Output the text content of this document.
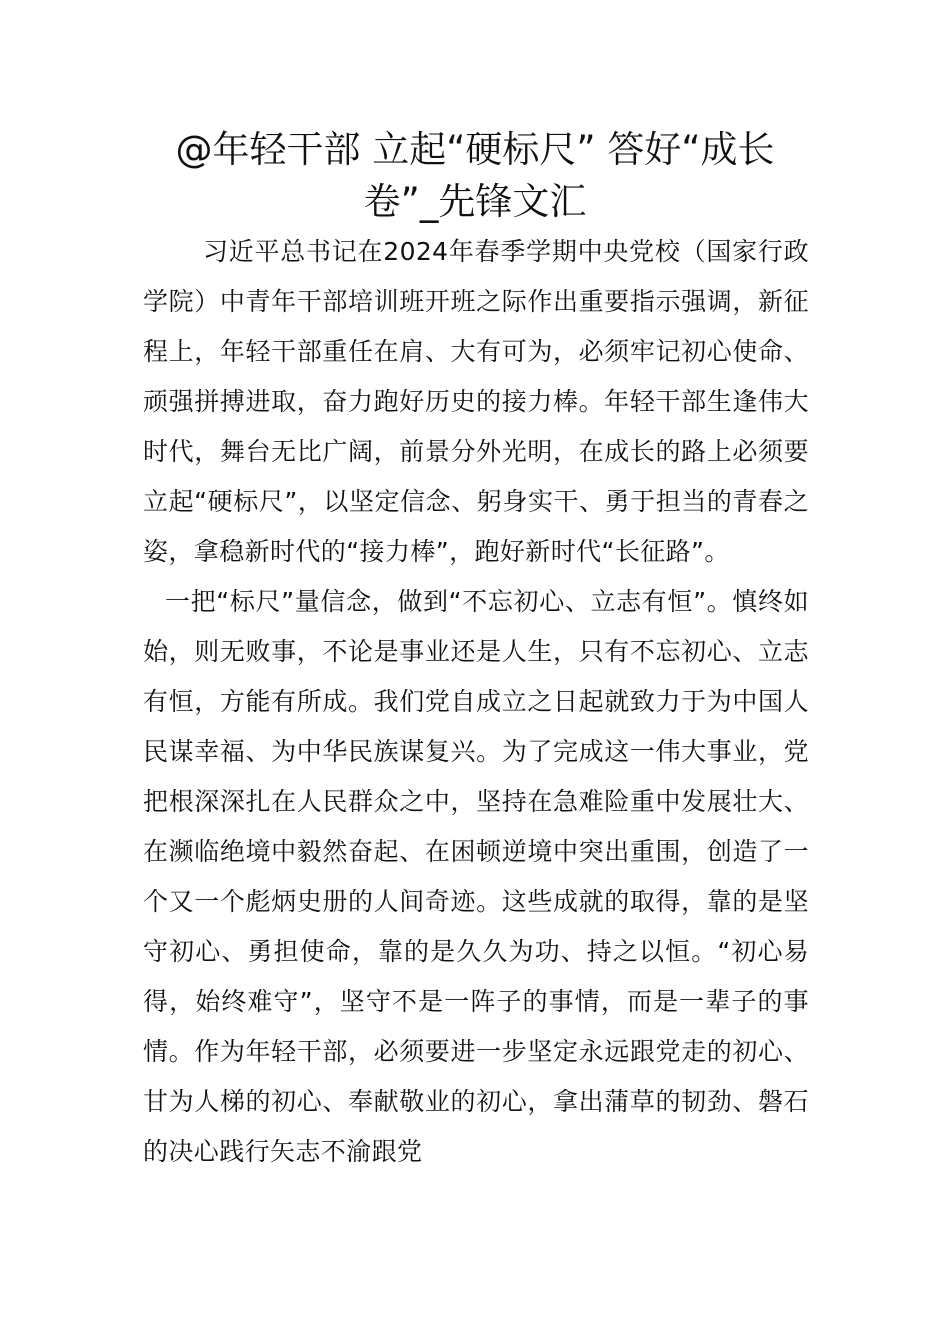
@年轻干部 立起“硬标尺” 答好“成长卷”_先锋文汇

习近平总书记在2024年春季学期中央党校（国家行政学院）中青年干部培训班开班之际作出重要指示强调，新征程上，年轻干部重任在肩、大有可为，必须牢记初心使命、顽强拼搏进取，奋力跑好历史的接力棒。年轻干部生逢伟大时代，舞台无比广阔，前景分外光明，在成长的路上必须要立起“硬标尺”，以坚定信念、躬身实干、勇于担当的青春之姿，拿稳新时代的“接力棒”，跑好新时代“长征路”。

一把“标尺”量信念，做到“不忘初心、立志有恒”。慎终如始，则无败事，不论是事业还是人生，只有不忘初心、立志有恒，方能有所成。我们党自成立之日起就致力于为中国人民谋幸福、为中华民族谋复兴。为了完成这一伟大事业，党把根深深扎在人民群众之中，坚持在急难险重中发展壮大、在濒临绝境中毅然奋起、在困顿逆境中突出重围，创造了一个又一个彪炳史册的人间奇迹。这些成就的取得，靠的是坚守初心、勇担使命，靠的是久久为功、持之以恒。“初心易得，始终难守”，坚守不是一阵子的事情，而是一辈子的事情。作为年轻干部，必须要进一步坚定永远跟党走的初心、甘为人梯的初心、奉献敬业的初心，拿出蒲草的韧劲、磐石的决心践行矢志不渝跟党
